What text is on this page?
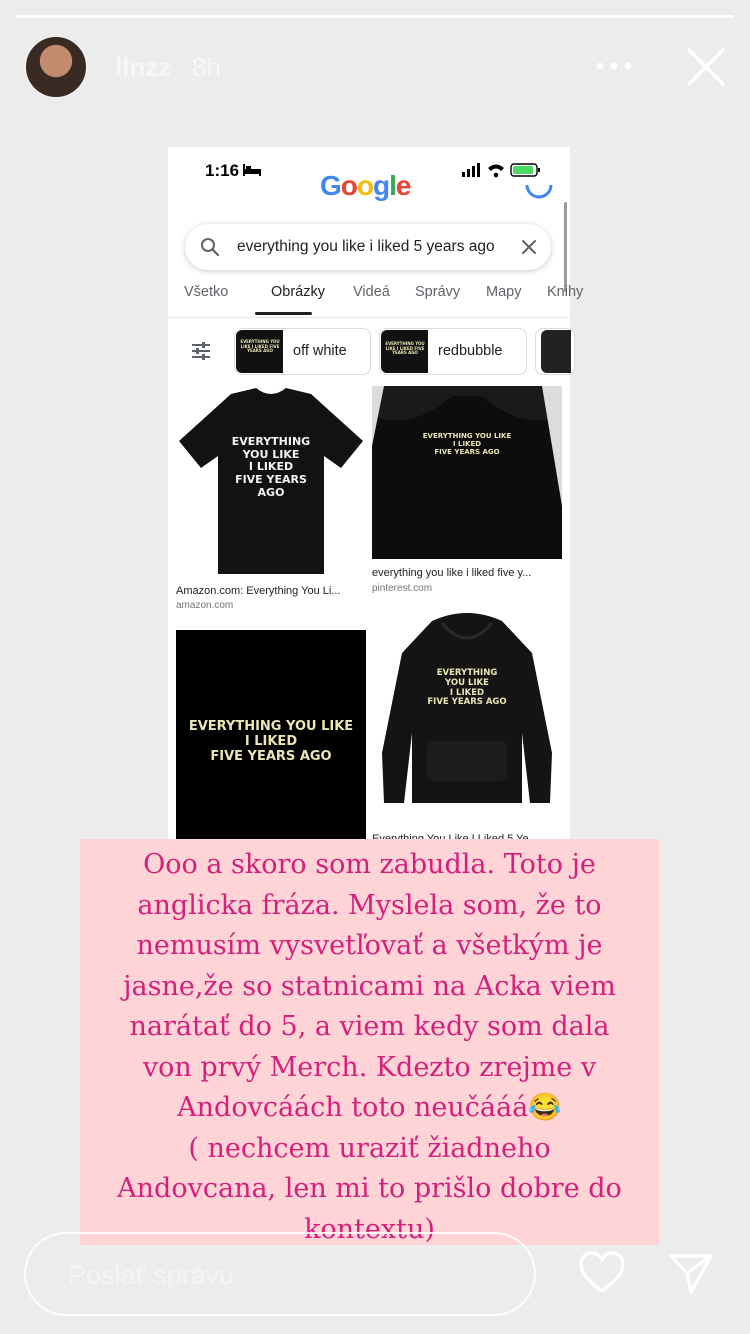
llnzz 8h
1:16	Google
everything you like i liked 5 years ago
Všetko	Obrázky Videá Správy Mapy Knihy
EVERYTHING YOU LIKE I LIKED FIVE YEARS AGO	off white	EVERYTHING YOU LIKE I LIKED FIVE YEARS AGO	redbubble
EVERYTHING
YOU LIKE
I LIKED
FIVE YEARS
AGO
Amazon.com: Everything You Li...
amazon.com
EVERYTHING YOU LIKE
I LIKED
FIVE YEARS AGO
everything you like i liked five y...
pinterest.com
EVERYTHING YOU LIKE
I LIKED
FIVE YEARS AGO
EVERYTHING
YOU LIKE
I LIKED
FIVE YEARS AGO
Ooo a skoro som zabudla. Toto je
anglicka fráza. Myslela som, že to
nemusím vysvetľovať a všetkým je
jasne,že so statnicami na Acka viem
narátať do 5, a viem kedy som dala
von prvý Merch. Kdezto zrejme v
Andovcáách toto neučááá😂
( nechcem uraziť žiadneho
Andovcana, len mi to prišlo dobre do
kontextu)
Poslať správu
